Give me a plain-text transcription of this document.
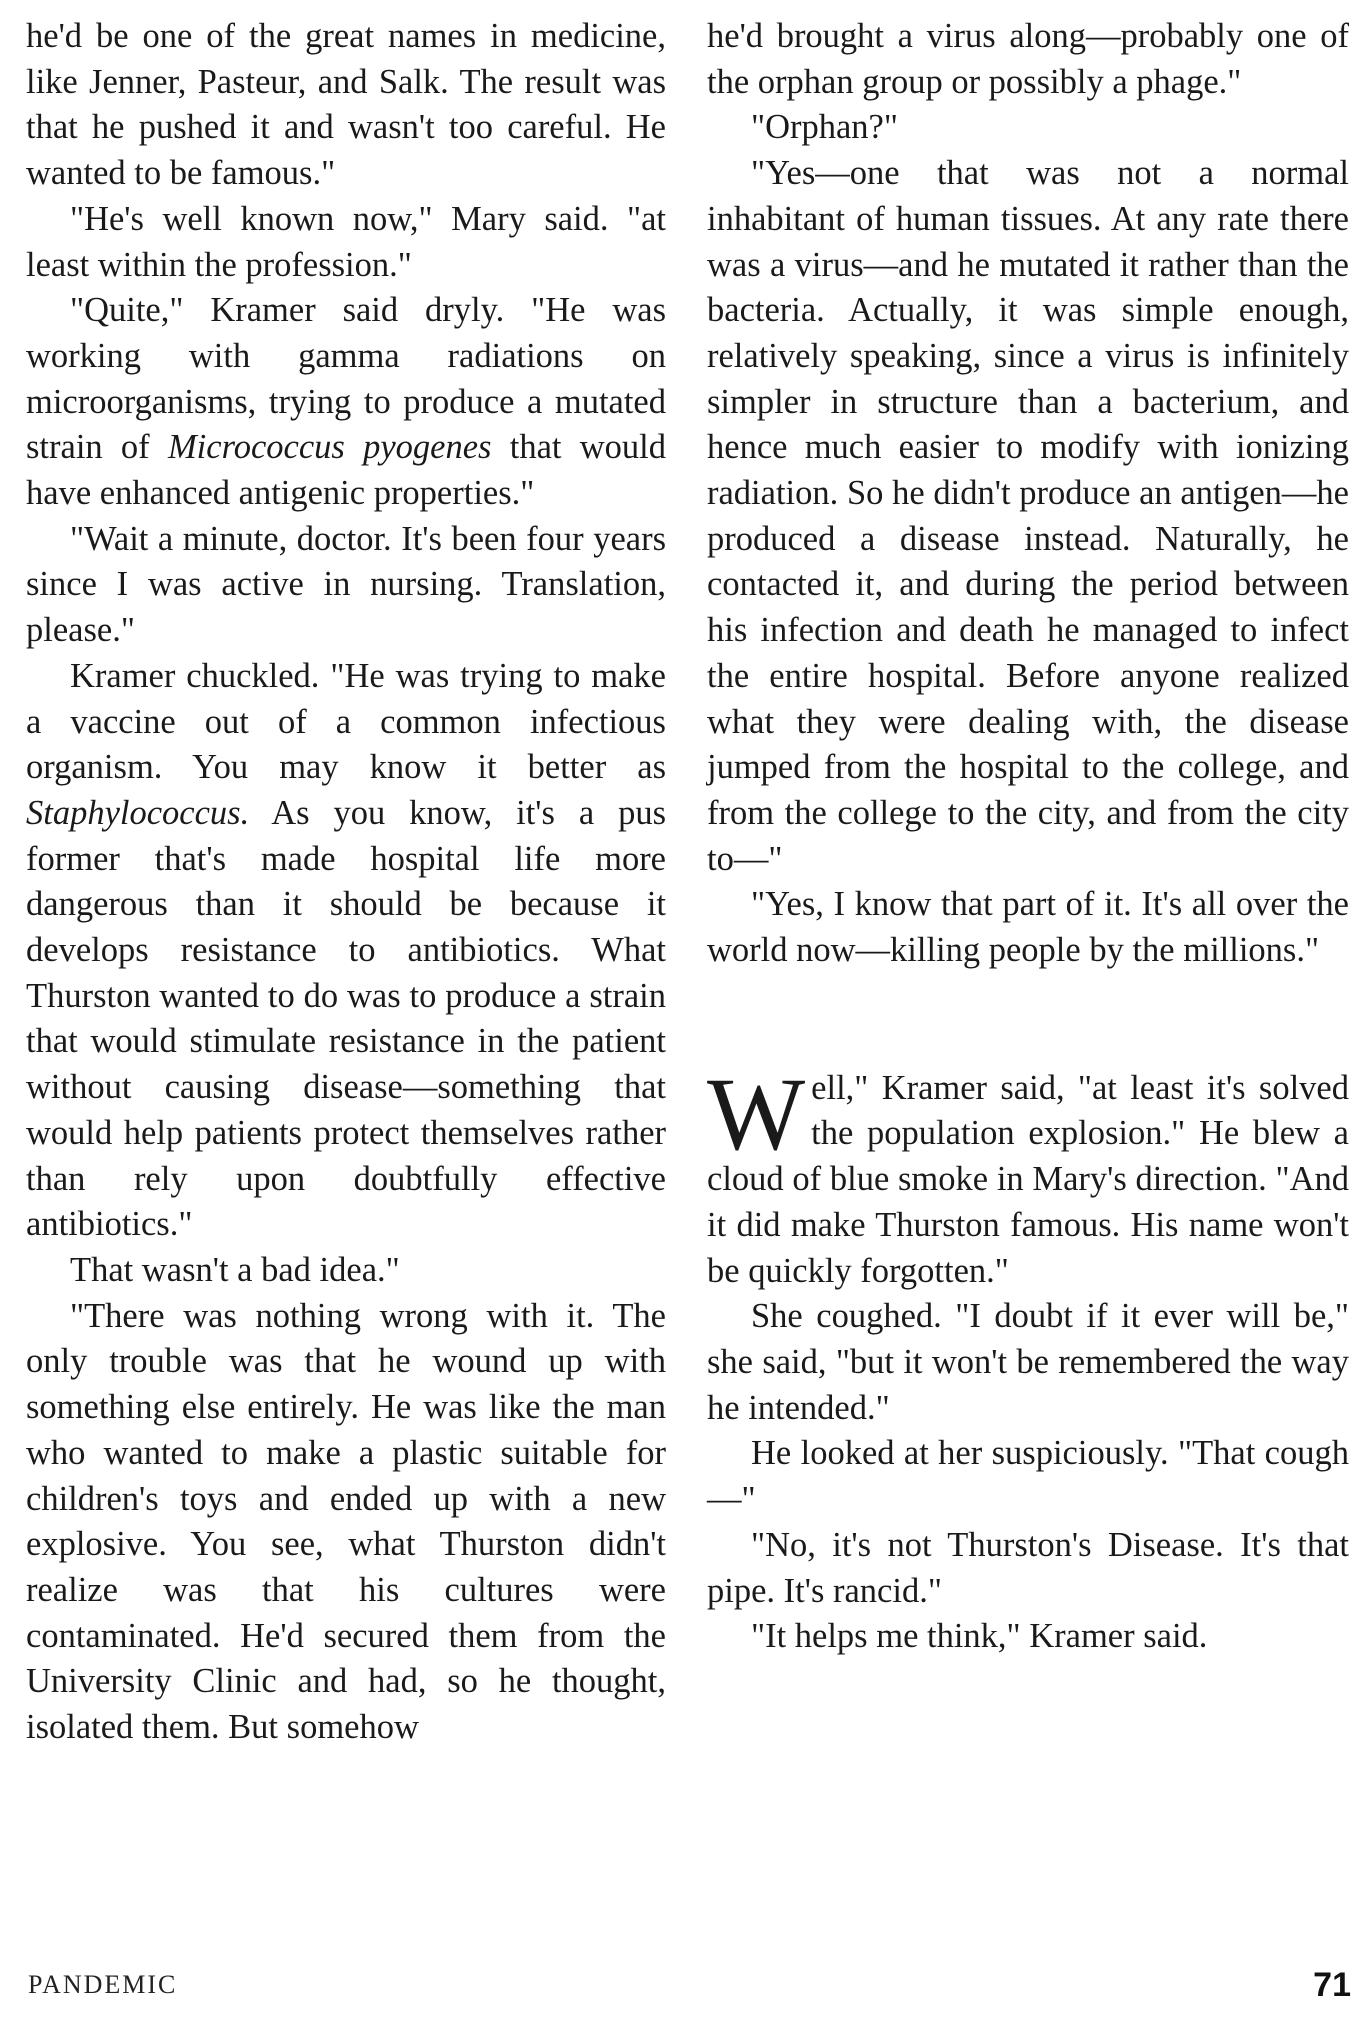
he'd be one of the great names in medicine, like Jenner, Pasteur, and Salk. The result was that he pushed it and wasn't too careful. He wanted to be famous."

"He's well known now," Mary said. "at least within the profession."

"Quite," Kramer said dryly. "He was working with gamma radiations on microorganisms, trying to produce a mutated strain of Micrococcus pyogenes that would have enhanced antigenic properties."

"Wait a minute, doctor. It's been four years since I was active in nursing. Translation, please."

Kramer chuckled. "He was trying to make a vaccine out of a common infectious organism. You may know it better as Staphylococcus. As you know, it's a pus former that's made hospital life more dangerous than it should be because it develops resistance to antibiotics. What Thurston wanted to do was to produce a strain that would stimulate resistance in the patient without causing disease—something that would help patients protect themselves rather than rely upon doubtfully effective antibiotics."

That wasn't a bad idea."

"There was nothing wrong with it. The only trouble was that he wound up with something else entirely. He was like the man who wanted to make a plastic suitable for children's toys and ended up with a new explosive. You see, what Thurston didn't realize was that his cultures were contaminated. He'd secured them from the University Clinic and had, so he thought, isolated them. But somehow

he'd brought a virus along—probably one of the orphan group or possibly a phage."

"Orphan?"

"Yes—one that was not a normal inhabitant of human tissues. At any rate there was a virus—and he mutated it rather than the bacteria. Actually, it was simple enough, relatively speaking, since a virus is infinitely simpler in structure than a bacterium, and hence much easier to modify with ionizing radiation. So he didn't produce an antigen—he produced a disease instead. Naturally, he contacted it, and during the period between his infection and death he managed to infect the entire hospital. Before anyone realized what they were dealing with, the disease jumped from the hospital to the college, and from the college to the city, and from the city to—"

"Yes, I know that part of it. It's all over the world now—killing people by the millions."

Well," Kramer said, "at least it's solved the population explosion." He blew a cloud of blue smoke in Mary's direction. "And it did make Thurston famous. His name won't be quickly forgotten."

She coughed. "I doubt if it ever will be," she said, "but it won't be remembered the way he intended."

He looked at her suspiciously. "That cough—"

"No, it's not Thurston's Disease. It's that pipe. It's rancid."

"It helps me think," Kramer said.

PANDEMIC	71
